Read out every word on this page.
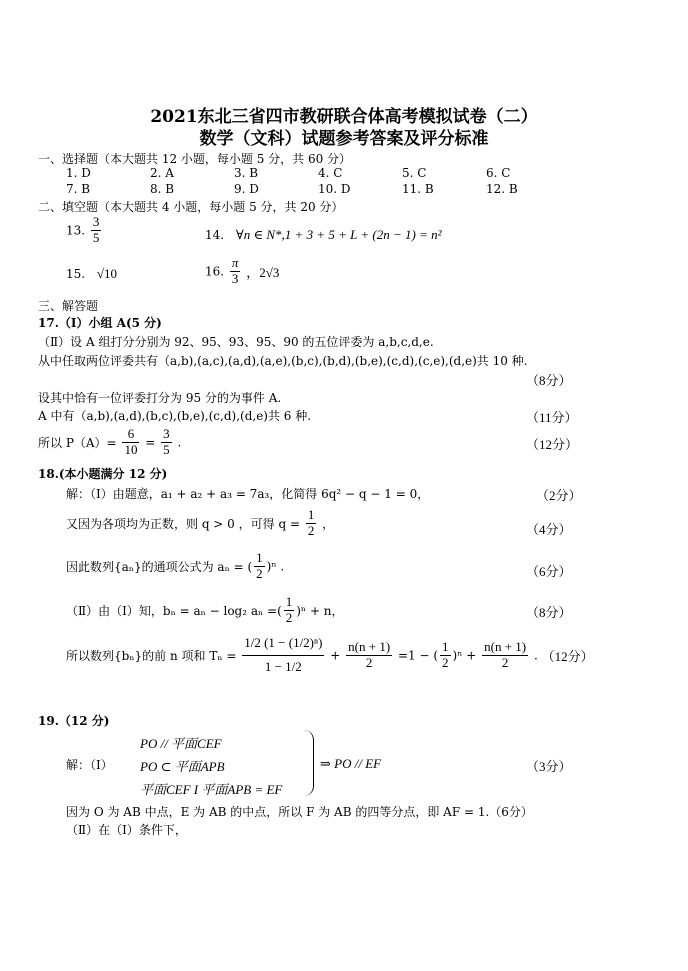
2021东北三省四市教研联合体高考模拟试卷（二）
数学（文科）试题参考答案及评分标准
一、选择题（本大题共 12 小题，每小题 5 分，共 60 分）
1. D	2. A	3. B	4. C	5. C	6. C
7. B	8. B	9. D	10. D	11. B	12. B
二、填空题（本大题共 4 小题，每小题 5 分，共 20 分）
13. $\frac{3}{5}$	14. ∀n ∈ N*,1 + 3 + 5 + L + (2n − 1) = n²
15. √10	16. $\frac{\pi}{3}$ ，2√3
三、解答题
17.（Ⅰ）小组 A(5 分)
（Ⅱ）设 A 组打分分别为 92、95、93、95、90 的五位评委为 a,b,c,d,e.
从中任取两位评委共有（a,b),(a,c),(a,d),(a,e),(b,c),(b,d),(b,e),(c,d),(c,e),(d,e)共 10 种.
（8分）
设其中恰有一位评委打分为 95 分的为事件 A.
A 中有（a,b),(a,d),(b,c),(b,e),(c,d),(d,e)共 6 种.	（11分）
所以 $P(A)= \frac{6}{10} = \frac{3}{5}$ .	（12分）
18.(本小题满分 12 分)
解：（Ⅰ）由题意，a₁ + a₂ + a₃ = 7a₃，化简得 6q² − q − 1 = 0，	（2分）
又因为各项均为正数，则 q > 0 ，可得 $q = \frac{1}{2}$ ，	（4分）
因此数列{aₙ}的通项公式为 aₙ = ( $\frac{1}{2} )^n$ .	（6分）
（Ⅱ）由（Ⅰ）知，bₙ = aₙ − log₂ aₙ =( $\frac{1}{2} )^n + n$，	（8分）
所以数列{bₙ}的前 n 项和 $T_n = \frac{\text{1/2 (1 − (1/2)ⁿ)}}{1 - 1/2} + \frac{n(n + 1)}{2} =1$ − ( $\frac{1}{2} )^n + \frac{n(n + 1)}{2}$ . （12分）
19.（12 分)
解：（Ⅰ）
PO // 平面CEF
PO ⊂ 平面APB
平面CEF I 平面APB = EF
⇒ PO // EF	（3分）
因为 O 为 AB 中点，E 为 AB 的中点，所以 F 为 AB 的四等分点，即 AF = 1.（6分）
（Ⅱ）在（Ⅰ）条件下，
